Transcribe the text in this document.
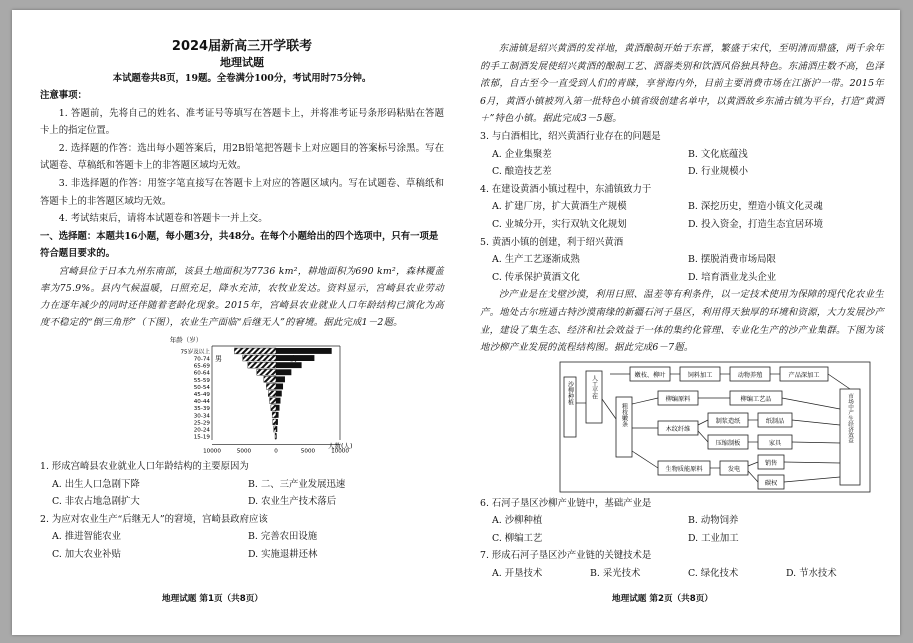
2024届新高三开学联考
地理试题
本试题卷共8页，19题。全卷满分100分，考试用时75分钟。
注意事项：
1. 答题前，先将自己的姓名、准考证号等填写在答题卡上，并将准考证号条形码粘贴在答题卡上的指定位置。
2. 选择题的作答：选出每小题答案后，用2B铅笔把答题卡上对应题目的答案标号涂黑。写在试题卷、草稿纸和答题卡上的非答题区域均无效。
3. 非选择题的作答：用签字笔直接写在答题卡上对应的答题区域内。写在试题卷、草稿纸和答题卡上的非答题区域均无效。
4. 考试结束后，请将本试题卷和答题卡一并上交。
一、选择题：本题共16小题，每小题3分，共48分。在每个小题给出的四个选项中，只有一项是符合题目要求的。
宫崎县位于日本九州东南部，该县土地面积为7736 km²，耕地面积为690 km²，森林覆盖率为75.9%。县内气候温暖，日照充足，降水充沛，农牧业发达。资料显示，宫崎县农业劳动力在逐年减少的同时还伴随着老龄化现象。2015年，宫崎县农业就业人口年龄结构已演化为高度不稳定的“倒三角形”（下图），农业生产面临“后继无人”的窘境。据此完成1－2题。
年龄（岁）
人数(人)
男
75岁及以上
70-74
65-69
60-64
55-59
50-54
45-49
40-44
35-39
30-34
25-29
20-24
15-19
10000	5000	0	5000	10000
1. 形成宫崎县农业就业人口年龄结构的主要原因为
A. 出生人口急剧下降	B. 二、三产业发展迅速
C. 非农占地急剧扩大	D. 农业生产技术落后
2. 为应对农业生产“后继无人”的窘境，宫崎县政府应该
A. 推进智能农业	B. 完善农田设施
C. 加大农业补贴	D. 实施退耕还林
东浦镇是绍兴黄酒的发祥地，黄酒酿制开始于东晋，繁盛于宋代，至明清而鼎盛，两千余年的手工制酒发展使绍兴黄酒的酿制工艺、酒器类别和饮酒风俗独具特色。东浦酒庄数不高，色泽浓郁，自古至今一直受到人们的青睐，享誉海内外，目前主要消费市场在江浙沪一带。2015年6月，黄酒小镇被列入第一批特色小镇省级创建名单中，以黄酒故乡东浦古镇为平台，打造“黄酒＋”特色小镇。据此完成3－5题。
3. 与白酒相比，绍兴黄酒行业存在的问题是
A. 企业集聚差	B. 文化底蕴浅
C. 酿造技艺差	D. 行业规模小
4. 在建设黄酒小镇过程中，东浦镇致力于
A. 扩建厂房，扩大黄酒生产规模	B. 深挖历史，塑造小镇文化灵魂
C. 业城分开，实行双轨文化规划	D. 投入资金，打造生态宜居环境
5. 黄酒小镇的创建，利于绍兴黄酒
A. 生产工艺逐渐成熟	B. 摆脱消费市场局限
C. 传承保护黄酒文化	D. 培育酒业龙头企业
沙产业是在戈壁沙漠，利用日照、温差等有利条件，以一定技术使用为保障的现代化农业生产。地处古尔班通古特沙漠南缘的新疆石河子垦区，利用得天独厚的环境和资源，大力发展沙产业，建设了集生态、经济和社会效益于一体的集约化管理、专业化生产的沙产业集群。下图为该地沙柳产业发展的流程结构图。据此完成6－7题。
沙柳种植	人工平茬
粗枝嫩条
嫩枝、柳叶	饲料加工	动物养殖	产品深加工
柳编原料	柳编工艺品
木纹纤维
制浆造纸	纸制品
压缩制板	家具
生物质能原料	发电
销售
碳权
市场中产生经济效益
6. 石河子垦区沙柳产业链中，基础产业是
A. 沙柳种植	B. 动物饲养
C. 柳编工艺	D. 工业加工
7. 形成石河子垦区沙产业链的关键技术是
A. 开垦技术	B. 采光技术	C. 绿化技术	D. 节水技术
地理试题 第1页（共8页）	地理试题 第2页（共8页）
